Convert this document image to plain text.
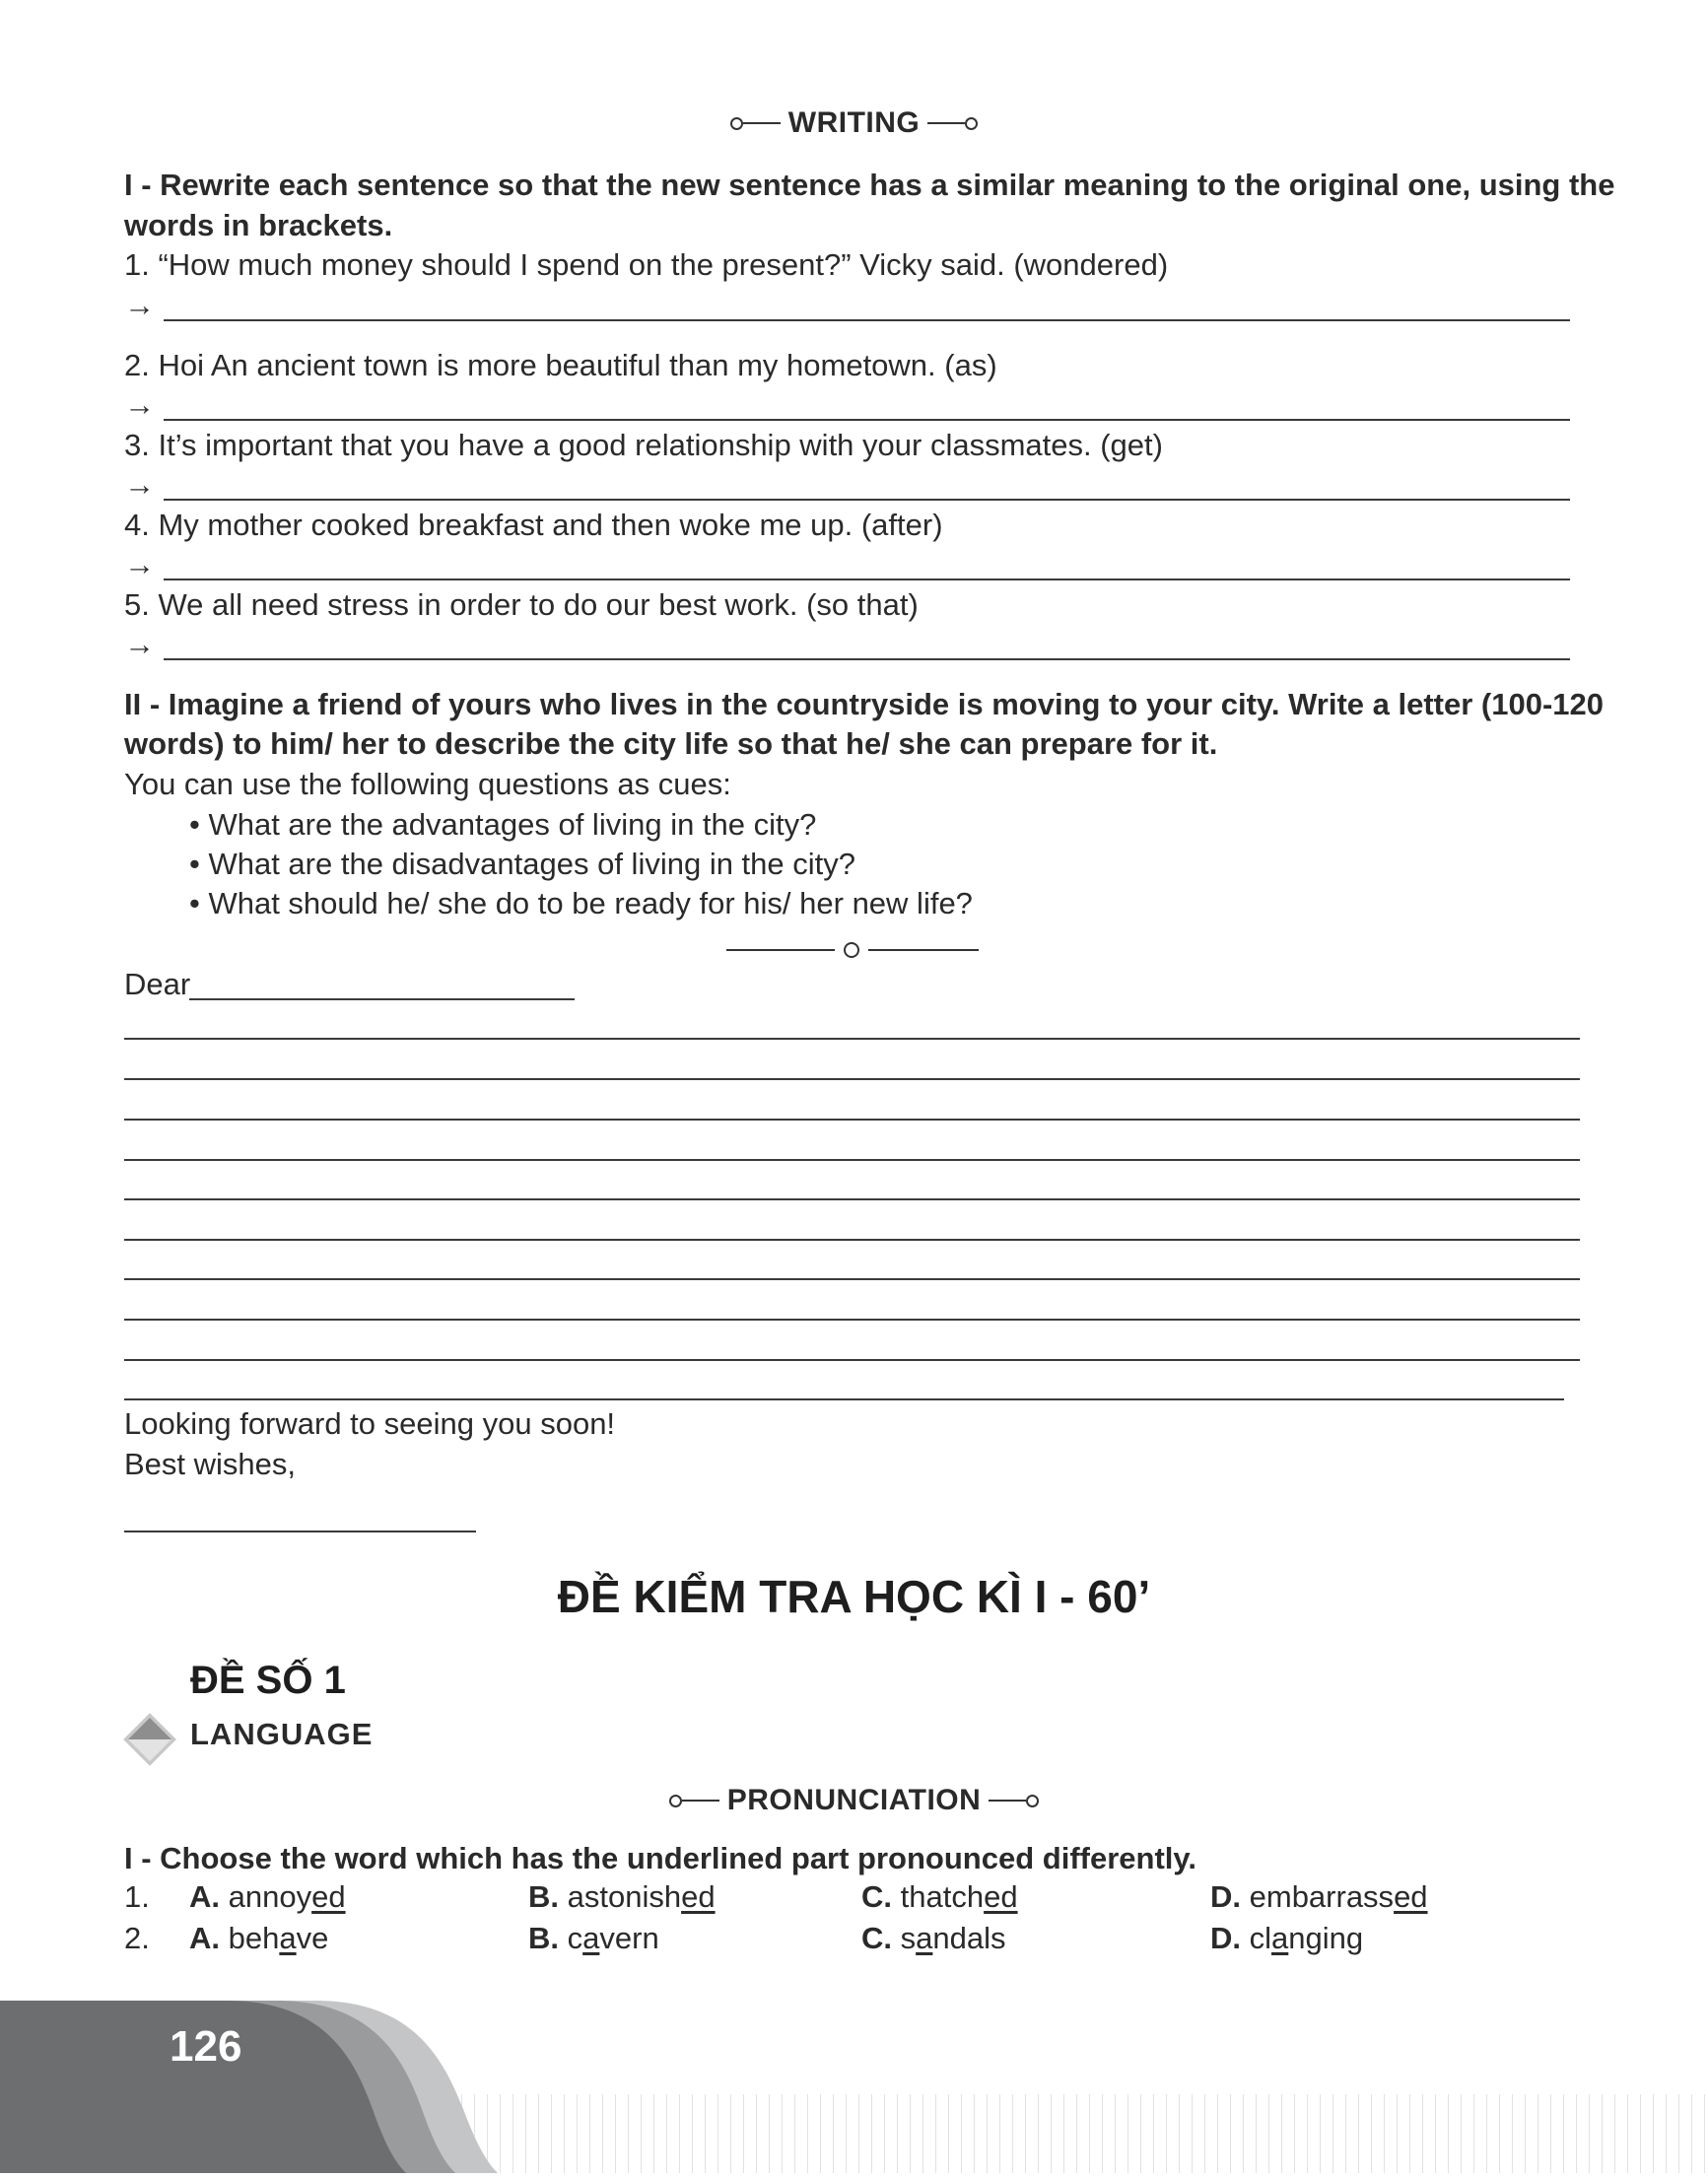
WRITING
I - Rewrite each sentence so that the new sentence has a similar meaning to the original one, using the
words in brackets.
1. “How much money should I spend on the present?” Vicky said. (wondered)
→
2. Hoi An ancient town is more beautiful than my hometown. (as)
→
3. It’s important that you have a good relationship with your classmates. (get)
→
4. My mother cooked breakfast and then woke me up. (after)
→
5. We all need stress in order to do our best work. (so that)
→
II - Imagine a friend of yours who lives in the countryside is moving to your city. Write a letter (100-120
words) to him/ her to describe the city life so that he/ she can prepare for it.
You can use the following questions as cues:
• What are the advantages of living in the city?
• What are the disadvantages of living in the city?
• What should he/ she do to be ready for his/ her new life?
Dear
Looking forward to seeing you soon!
Best wishes,
ĐỀ KIỂM TRA HỌC KÌ I - 60’
ĐỀ SỐ 1
LANGUAGE
PRONUNCIATION
I - Choose the word which has the underlined part pronounced differently.
1. A. annoyed	B. astonished	C. thatched	D. embarrassed
2. A. behave	B. cavern	C. sandals	D. clanging
126
